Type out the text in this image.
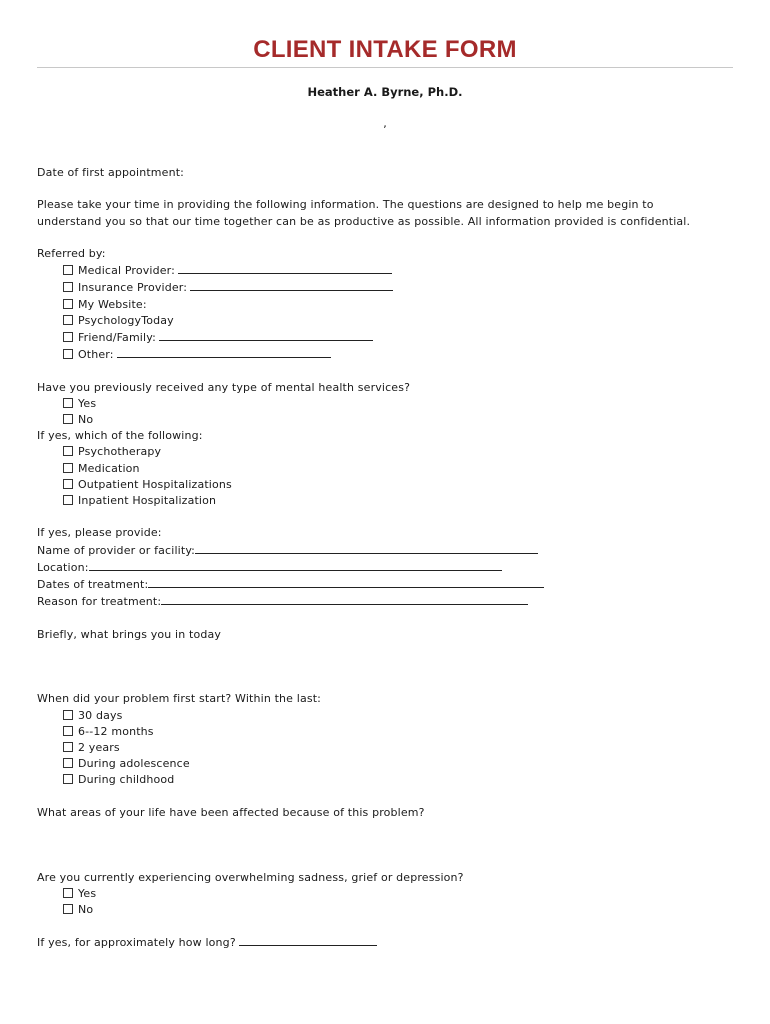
CLIENT INTAKE FORM
Heather A. Byrne, Ph.D.
,

Date of first appointment:

Please take your time in providing the following information. The questions are designed to help me begin to

understand you so that our time together can be as productive as possible. All information provided is confidential.

Referred by:

Medical Provider:

Insurance Provider:

My Website:

PsychologyToday

Friend/Family:

Other:

Have you previously received any type of mental health services?

Yes

No

If yes, which of the following:

Psychotherapy

Medication

Outpatient Hospitalizations

Inpatient Hospitalization

If yes, please provide:

Name of provider or facility:

Location:

Dates of treatment:

Reason for treatment:

Briefly, what brings you in today

When did your problem first start? Within the last:

30 days

6--12 months

2 years

During adolescence

During childhood

What areas of your life have been affected because of this problem?

Are you currently experiencing overwhelming sadness, grief or depression?

Yes

No

If yes, for approximately how long?
